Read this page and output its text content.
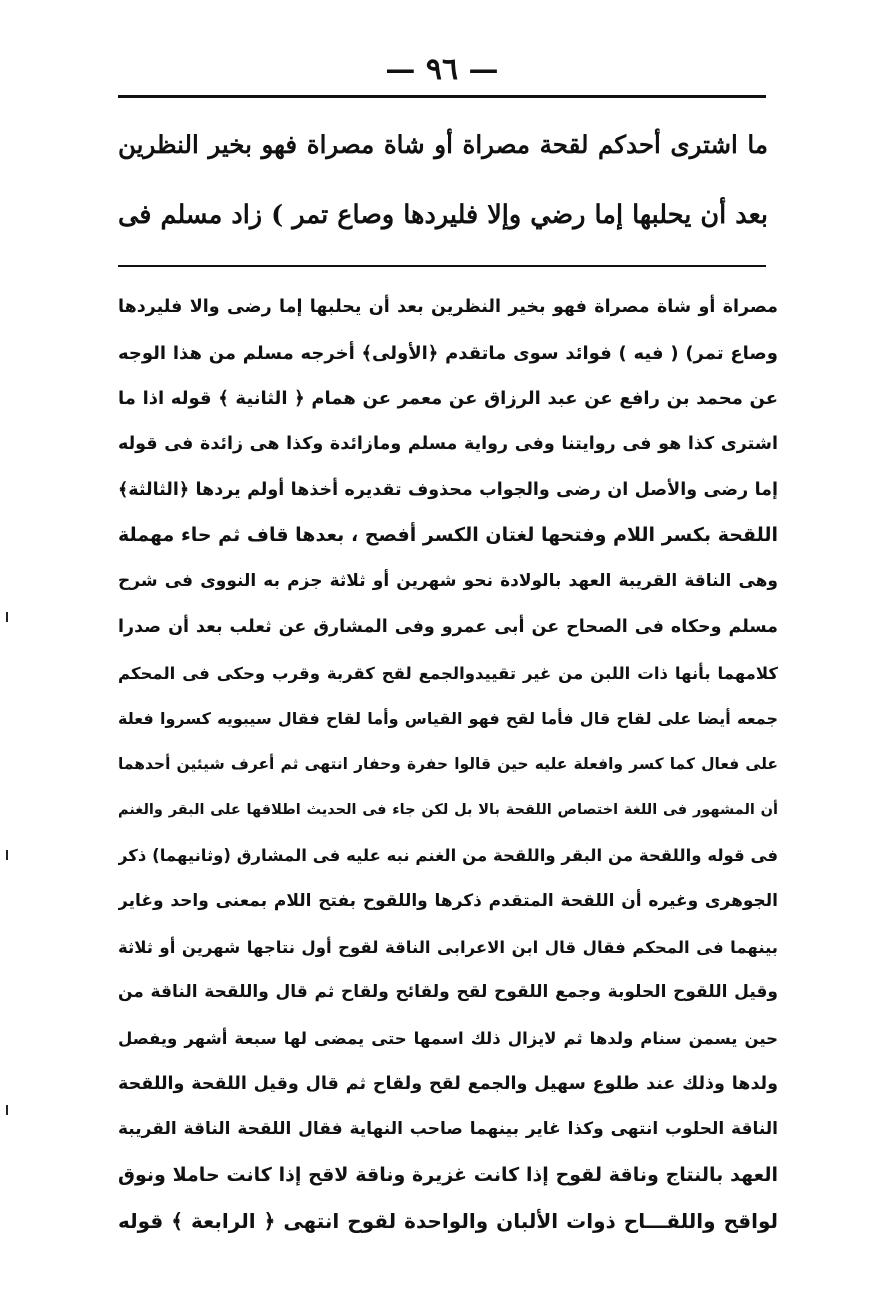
— ٩٦ —
ما اشترى أحدكم لقحة مصراة أو شاة مصراة فهو بخير النظرين
بعد أن يحلبها إما رضي وإلا فليردها وصاع تمر ) زاد مسلم فى
مصراة أو شاة مصراة فهو بخير النظرين بعد أن يحلبها إما رضى والا فليردها
وصاع تمر) ( فيه ) فوائد سوى ماتقدم ﴿الأولى﴾ أخرجه مسلم من هذا الوجه
عن محمد بن رافع عن عبد الرزاق عن معمر عن همام ﴿ الثانية ﴾ قوله اذا ما
اشترى كذا هو فى روايتنا وفى رواية مسلم ومازائدة وكذا هى زائدة فى قوله
إما رضى والأصل ان رضى والجواب محذوف تقديره أخذها أولم يردها ﴿الثالثة﴾
اللقحة بكسر اللام وفتحها لغتان الكسر أفصح ، بعدها قاف ثم حاء مهملة
وهى الناقة القريبة العهد بالولادة نحو شهرين أو ثلاثة جزم به النووى فى شرح
مسلم وحكاه فى الصحاح عن أبى عمرو وفى المشارق عن ثعلب بعد أن صدرا
كلامهما بأنها ذات اللبن من غير تقييدوالجمع لقح كقربة وقرب وحكى فى المحكم
جمعه أيضا على لقاح قال فأما لقح فهو القياس وأما لقاح فقال سيبويه كسروا فعلة
على فعال كما كسر وافعلة عليه حين قالوا حفرة وحفار انتهى ثم أعرف شيئين أحدهما
أن المشهور فى اللغة اختصاص اللقحة بالا بل لكن جاء فى الحديث اطلاقها على البقر والغنم
فى قوله واللقحة من البقر واللقحة من الغنم نبه عليه فى المشارق (وثانيهما) ذكر
الجوهرى وغيره أن اللقحة المتقدم ذكرها واللقوح بفتح اللام بمعنى واحد وغاير
بينهما فى المحكم فقال قال ابن الاعرابى الناقة لقوح أول نتاجها شهرين أو ثلاثة
وقيل اللقوح الحلوبة وجمع اللقوح لقح ولقائح ولقاح ثم قال واللقحة الناقة من
حين يسمن سنام ولدها ثم لايزال ذلك اسمها حتى يمضى لها سبعة أشهر ويفصل
ولدها وذلك عند طلوع سهيل والجمع لقح ولقاح ثم قال وقيل اللقحة واللقحة
الناقة الحلوب انتهى وكذا غاير بينهما صاحب النهاية فقال اللقحة الناقة القريبة
العهد بالنتاج وناقة لقوح إذا كانت غزيرة وناقة لاقح إذا كانت حاملا ونوق
لواقح واللقـــاح ذوات الألبان والواحدة لقوح انتهى ﴿ الرابعة ﴾ قوله
